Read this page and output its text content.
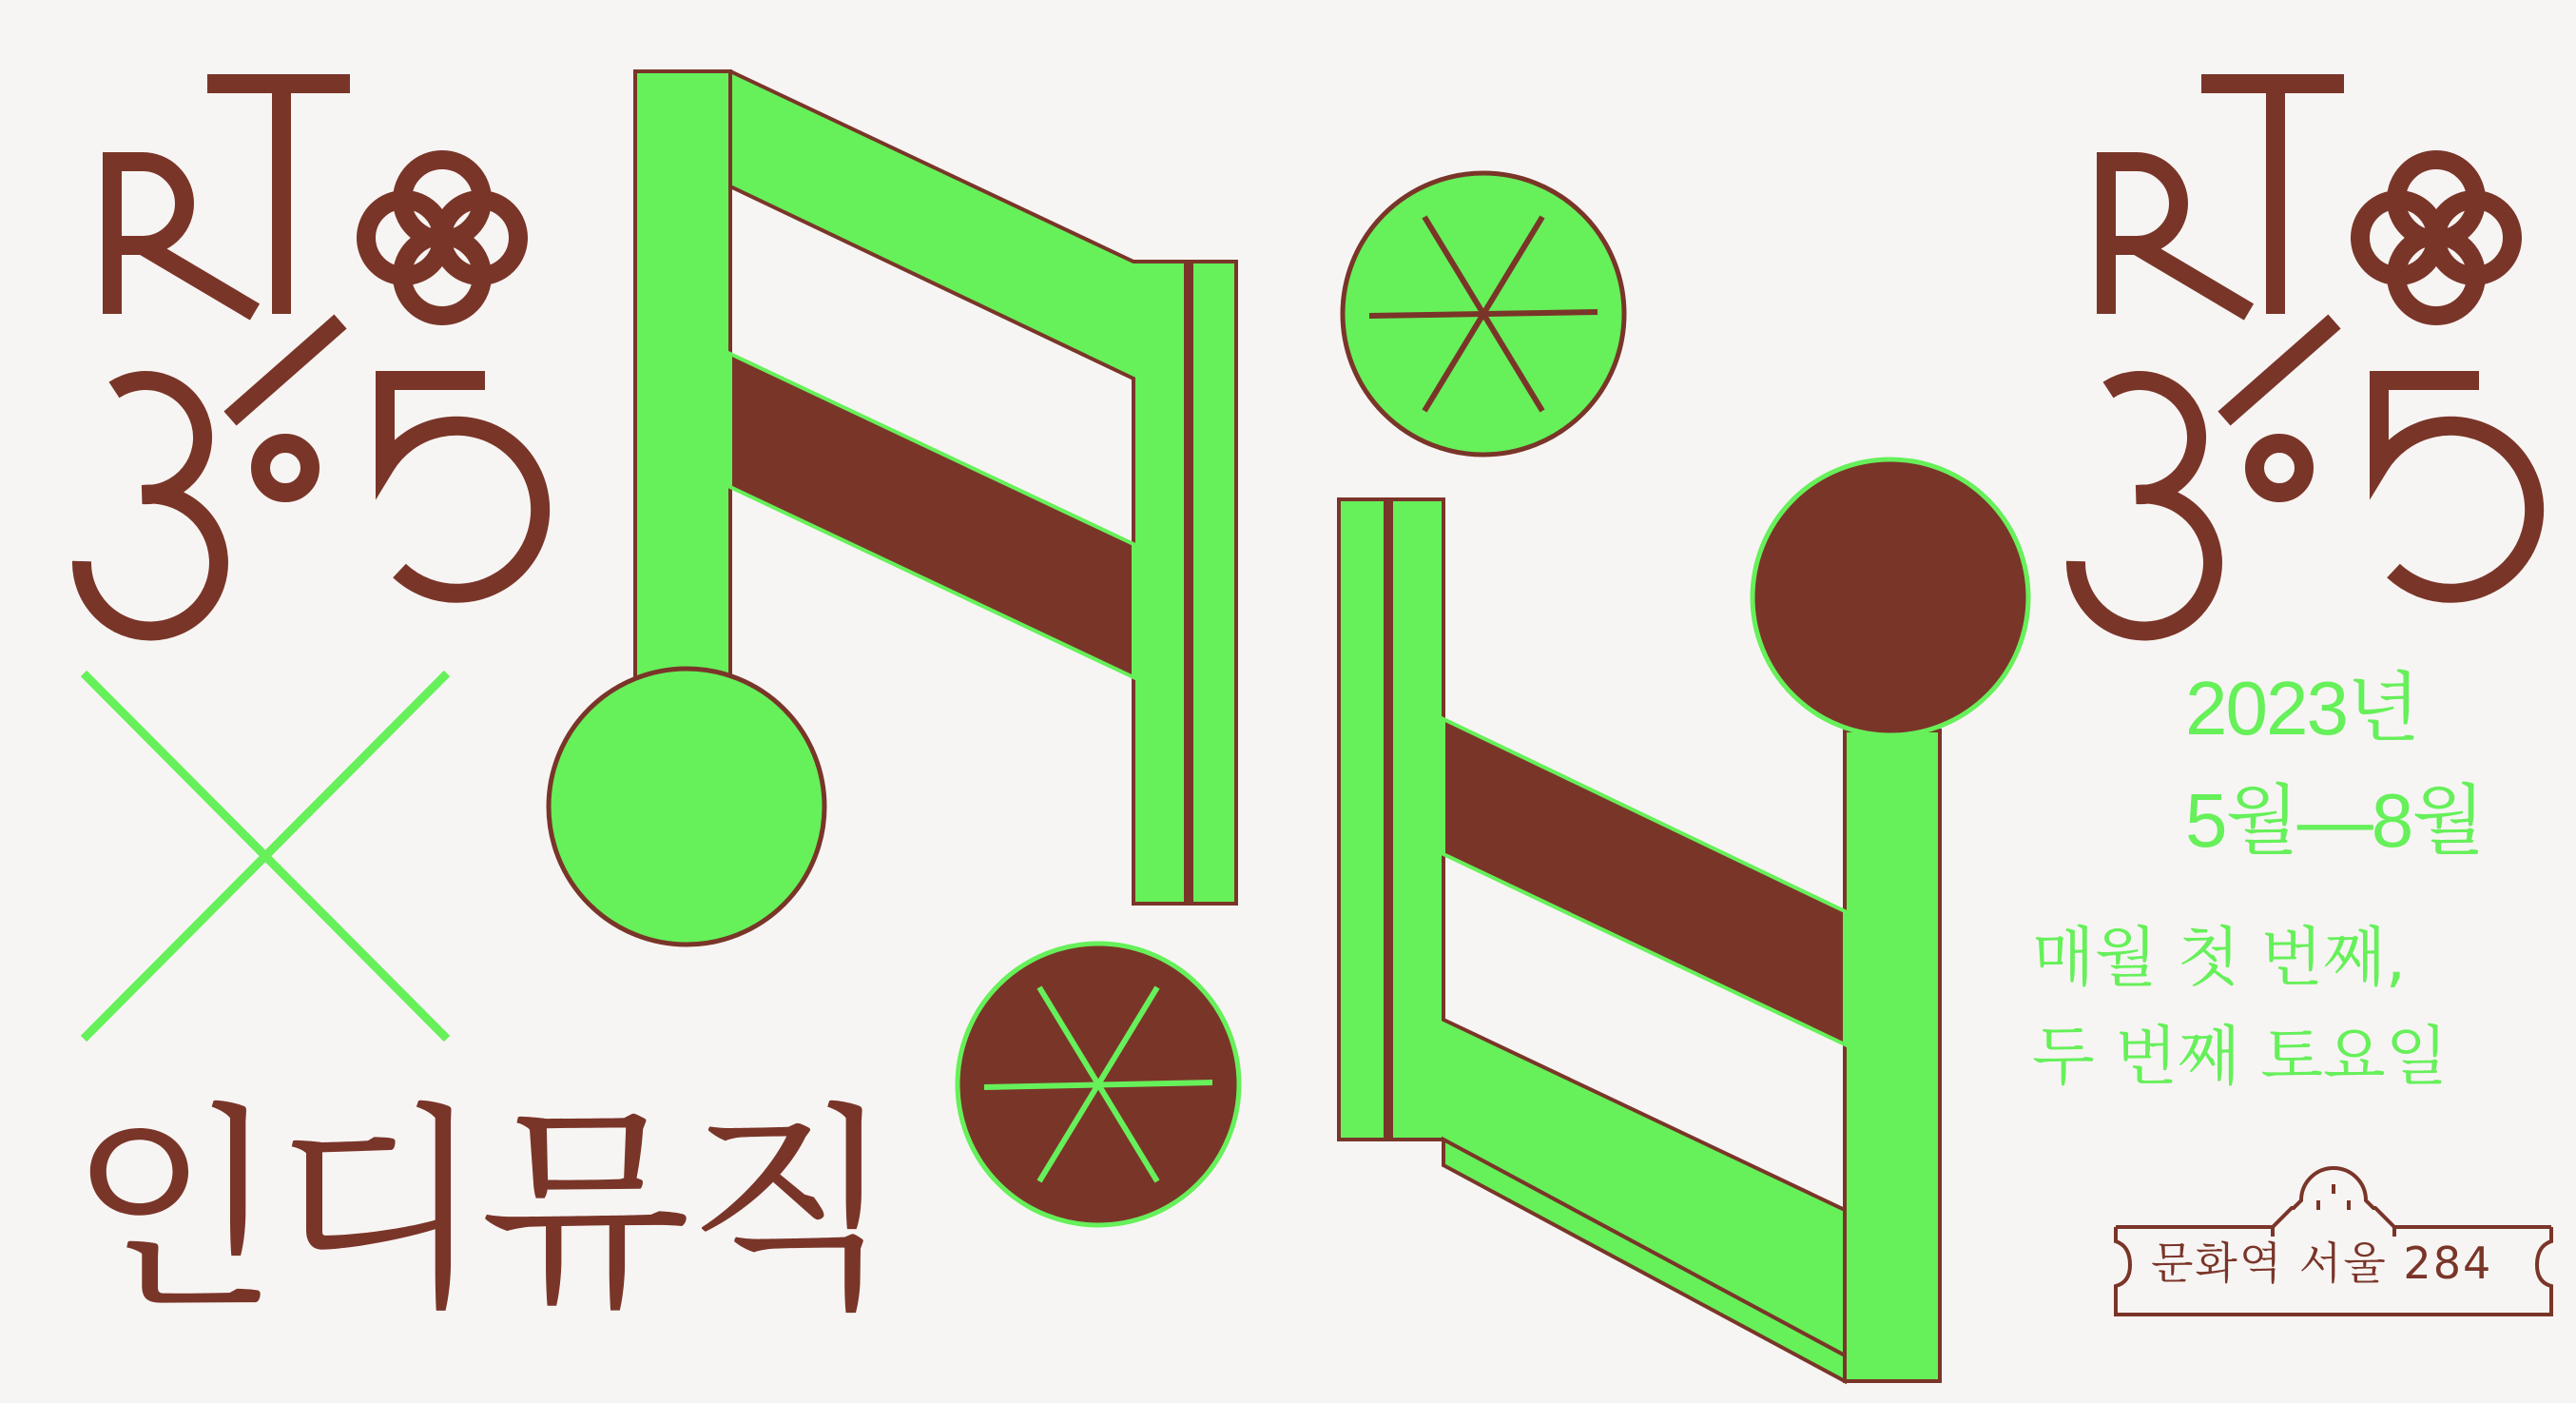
인디뮤직
2023년
5월—8월
매월 첫 번째,
두 번째 토요일
문화역 서울 284
